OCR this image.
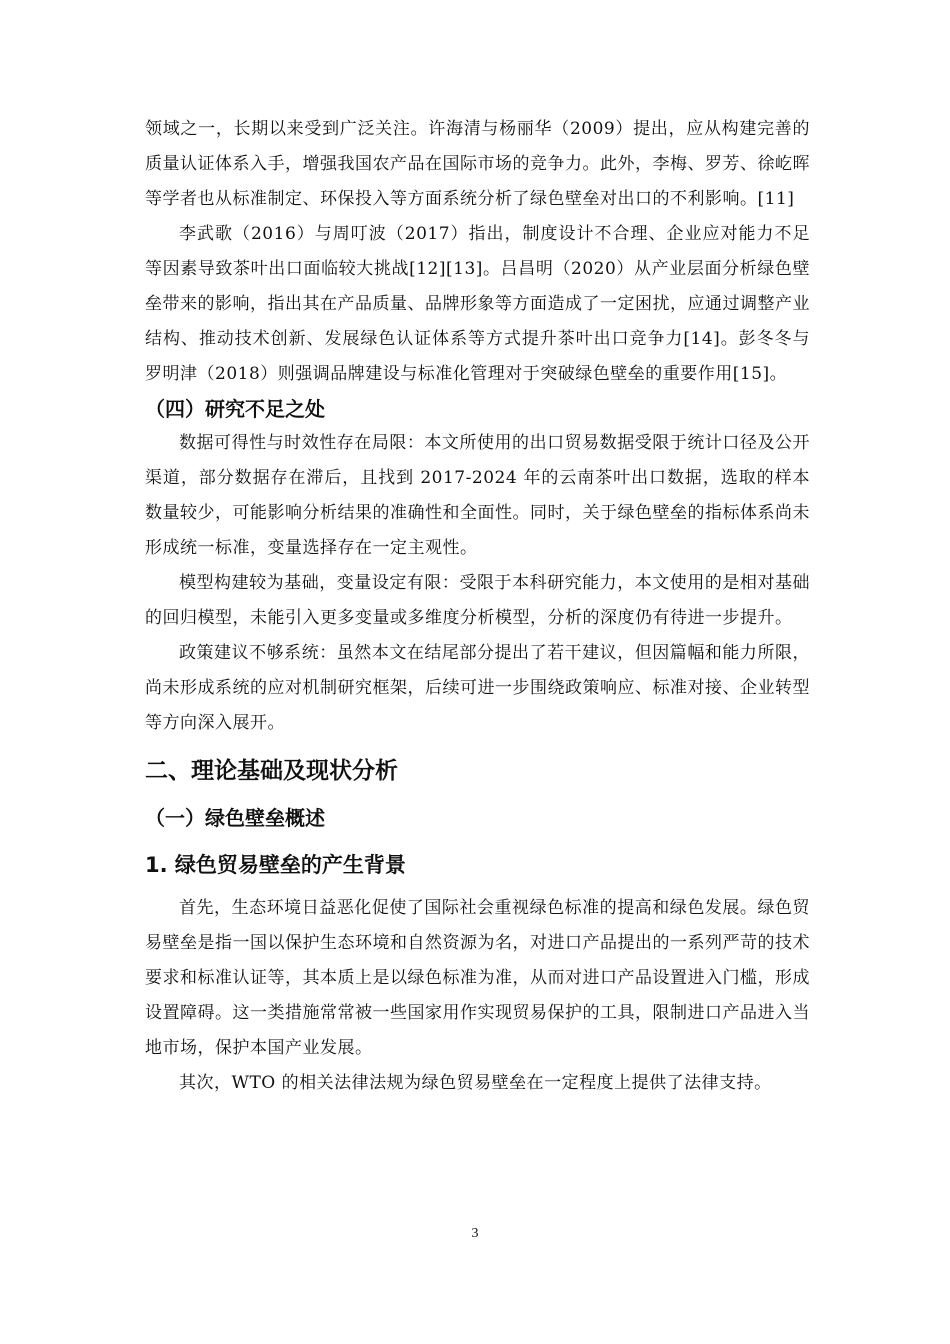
领域之一，长期以来受到广泛关注。许海清与杨丽华（2009）提出，应从构建完善的质量认证体系入手，增强我国农产品在国际市场的竞争力。此外，李梅、罗芳、徐屹晖等学者也从标准制定、环保投入等方面系统分析了绿色壁垒对出口的不利影响。[11]

李武歌（2016）与周叮波（2017）指出，制度设计不合理、企业应对能力不足等因素导致茶叶出口面临较大挑战[12][13]。吕昌明（2020）从产业层面分析绿色壁垒带来的影响，指出其在产品质量、品牌形象等方面造成了一定困扰，应通过调整产业结构、推动技术创新、发展绿色认证体系等方式提升茶叶出口竞争力[14]。彭冬冬与罗明津（2018）则强调品牌建设与标准化管理对于突破绿色壁垒的重要作用[15]。

（四）研究不足之处

数据可得性与时效性存在局限：本文所使用的出口贸易数据受限于统计口径及公开渠道，部分数据存在滞后，且找到 2017-2024 年的云南茶叶出口数据，选取的样本数量较少，可能影响分析结果的准确性和全面性。同时，关于绿色壁垒的指标体系尚未形成统一标准，变量选择存在一定主观性。

模型构建较为基础，变量设定有限：受限于本科研究能力，本文使用的是相对基础的回归模型，未能引入更多变量或多维度分析模型，分析的深度仍有待进一步提升。

政策建议不够系统：虽然本文在结尾部分提出了若干建议，但因篇幅和能力所限，尚未形成系统的应对机制研究框架，后续可进一步围绕政策响应、标准对接、企业转型等方向深入展开。

二、理论基础及现状分析
（一）绿色壁垒概述
1. 绿色贸易壁垒的产生背景

首先，生态环境日益恶化促使了国际社会重视绿色标准的提高和绿色发展。绿色贸易壁垒是指一国以保护生态环境和自然资源为名，对进口产品提出的一系列严苛的技术要求和标准认证等，其本质上是以绿色标准为准，从而对进口产品设置进入门槛，形成设置障碍。这一类措施常常被一些国家用作实现贸易保护的工具，限制进口产品进入当地市场，保护本国产业发展。

其次，WTO 的相关法律法规为绿色贸易壁垒在一定程度上提供了法律支持。

3
